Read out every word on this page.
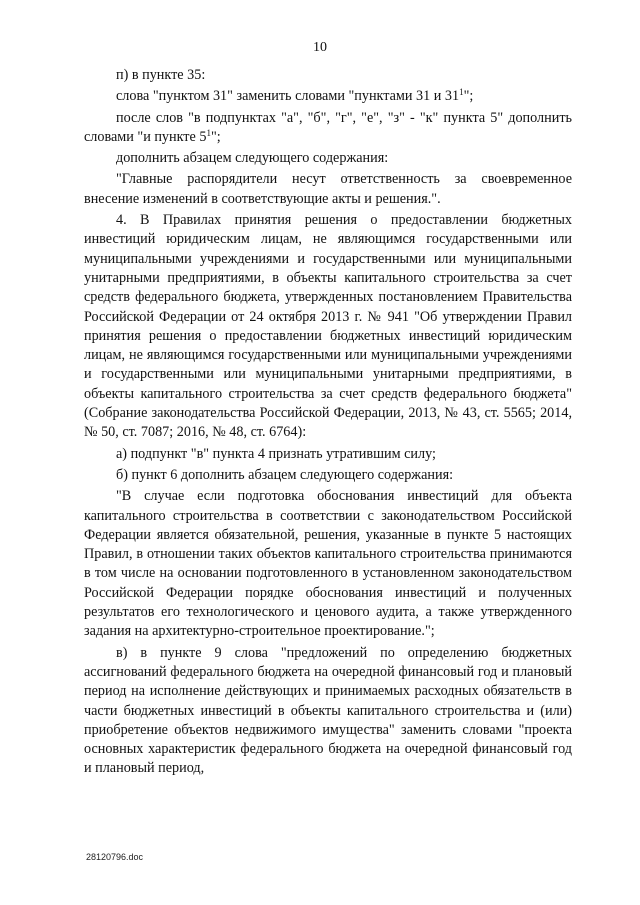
10

п) в пункте 35:

слова "пунктом 31" заменить словами "пунктами 31 и $31^1$";

после слов "в подпунктах "а", "б", "г", "е", "з" - "к" пункта 5" дополнить словами "и пункте $5^1$";

дополнить абзацем следующего содержания:

"Главные распорядители несут ответственность за своевременное внесение изменений в соответствующие акты и решения.".

4. В Правилах принятия решения о предоставлении бюджетных инвестиций юридическим лицам, не являющимся государственными или муниципальными учреждениями и государственными или муниципальными унитарными предприятиями, в объекты капитального строительства за счет средств федерального бюджета, утвержденных постановлением Правительства Российской Федерации от 24 октября 2013 г. № 941 "Об утверждении Правил принятия решения о предоставлении бюджетных инвестиций юридическим лицам, не являющимся государственными или муниципальными учреждениями и государственными или муниципальными унитарными предприятиями, в объекты капитального строительства за счет средств федерального бюджета" (Собрание законодательства Российской Федерации, 2013, № 43, ст. 5565; 2014, № 50, ст. 7087; 2016, № 48, ст. 6764):

а) подпункт "в" пункта 4 признать утратившим силу;

б) пункт 6 дополнить абзацем следующего содержания:

"В случае если подготовка обоснования инвестиций для объекта капитального строительства в соответствии с законодательством Российской Федерации является обязательной, решения, указанные в пункте 5 настоящих Правил, в отношении таких объектов капитального строительства принимаются в том числе на основании подготовленного в установленном законодательством Российской Федерации порядке обоснования инвестиций и полученных результатов его технологического и ценового аудита, а также утвержденного задания на архитектурно-строительное проектирование.";

в) в пункте 9 слова "предложений по определению бюджетных ассигнований федерального бюджета на очередной финансовый год и плановый период на исполнение действующих и принимаемых расходных обязательств в части бюджетных инвестиций в объекты капитального строительства и (или) приобретение объектов недвижимого имущества" заменить словами "проекта основных характеристик федерального бюджета на очередной финансовый год и плановый период,

28120796.doc
